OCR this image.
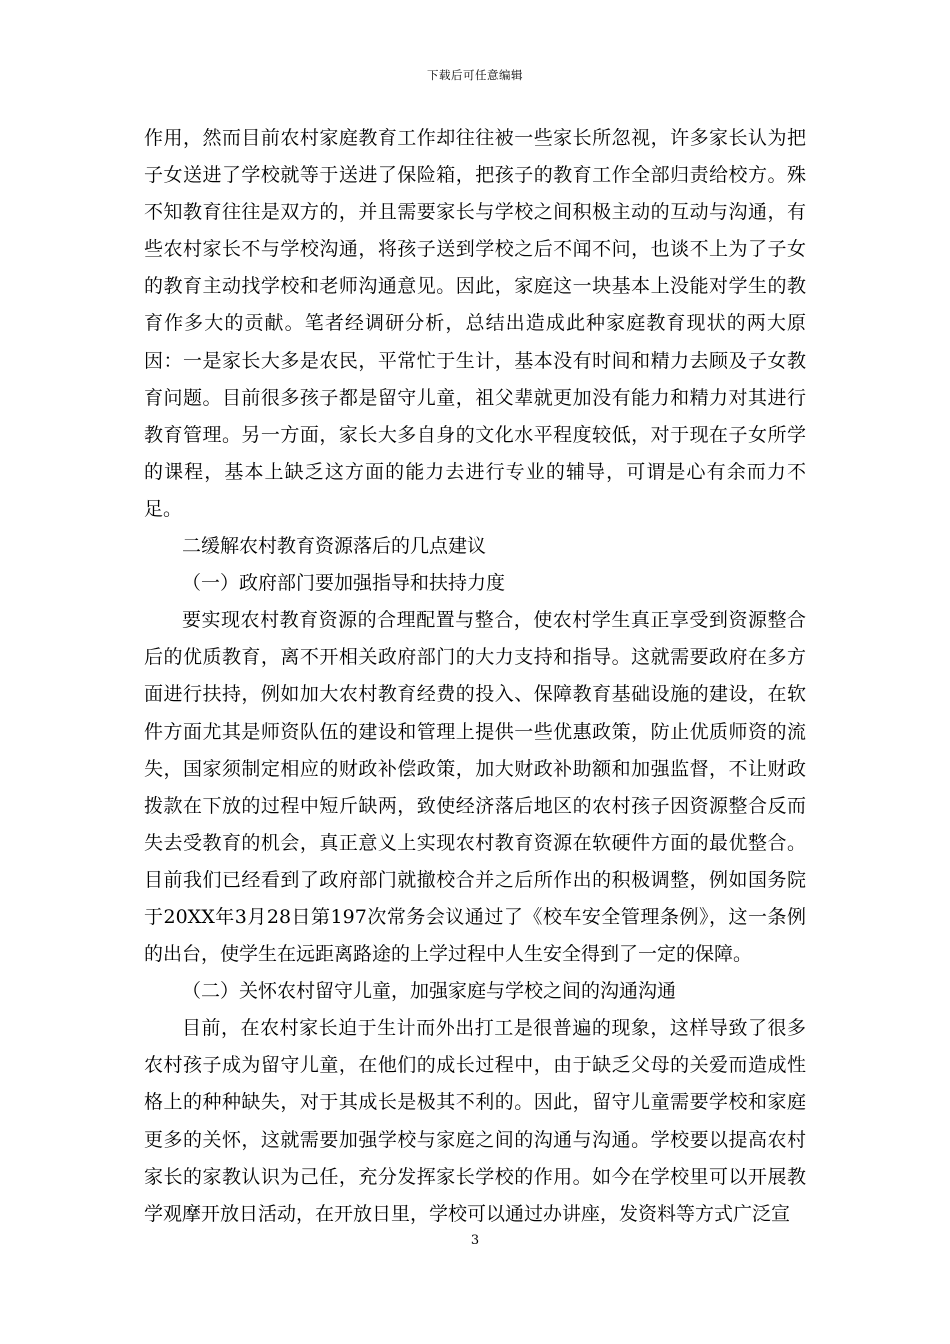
下载后可任意编辑

作用，然而目前农村家庭教育工作却往往被一些家长所忽视，许多家长认为把子女送进了学校就等于送进了保险箱，把孩子的教育工作全部归责给校方。殊不知教育往往是双方的，并且需要家长与学校之间积极主动的互动与沟通，有些农村家长不与学校沟通，将孩子送到学校之后不闻不问，也谈不上为了子女的教育主动找学校和老师沟通意见。因此，家庭这一块基本上没能对学生的教育作多大的贡献。笔者经调研分析，总结出造成此种家庭教育现状的两大原因：一是家长大多是农民，平常忙于生计，基本没有时间和精力去顾及子女教育问题。目前很多孩子都是留守儿童，祖父辈就更加没有能力和精力对其进行教育管理。另一方面，家长大多自身的文化水平程度较低，对于现在子女所学的课程，基本上缺乏这方面的能力去进行专业的辅导，可谓是心有余而力不足。

二缓解农村教育资源落后的几点建议

（一）政府部门要加强指导和扶持力度

要实现农村教育资源的合理配置与整合，使农村学生真正享受到资源整合后的优质教育，离不开相关政府部门的大力支持和指导。这就需要政府在多方面进行扶持，例如加大农村教育经费的投入、保障教育基础设施的建设，在软件方面尤其是师资队伍的建设和管理上提供一些优惠政策，防止优质师资的流失，国家须制定相应的财政补偿政策，加大财政补助额和加强监督，不让财政拨款在下放的过程中短斤缺两，致使经济落后地区的农村孩子因资源整合反而失去受教育的机会，真正意义上实现农村教育资源在软硬件方面的最优整合。目前我们已经看到了政府部门就撤校合并之后所作出的积极调整，例如国务院于20XX年3月28日第197次常务会议通过了《校车安全管理条例》，这一条例的出台，使学生在远距离路途的上学过程中人生安全得到了一定的保障。

（二）关怀农村留守儿童，加强家庭与学校之间的沟通沟通

目前，在农村家长迫于生计而外出打工是很普遍的现象，这样导致了很多农村孩子成为留守儿童，在他们的成长过程中，由于缺乏父母的关爱而造成性格上的种种缺失，对于其成长是极其不利的。因此，留守儿童需要学校和家庭更多的关怀，这就需要加强学校与家庭之间的沟通与沟通。学校要以提高农村家长的家教认识为己任，充分发挥家长学校的作用。如今在学校里可以开展教学观摩开放日活动，在开放日里，学校可以通过办讲座，发资料等方式广泛宣

3
